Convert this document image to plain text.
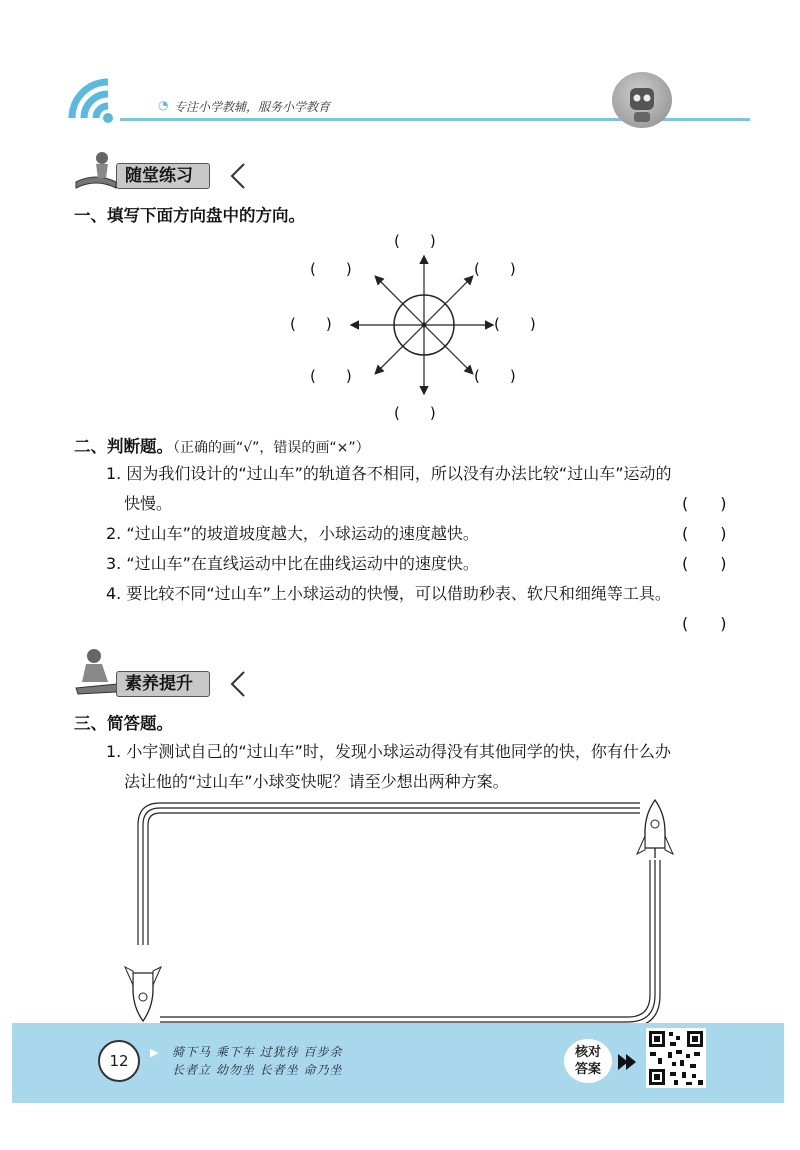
◔ 专注小学教辅，服务小学教育
随堂练习
一、填写下面方向盘中的方向。
(　　)
(　　)	(　　)
(　　)	(　　)
(　　)	(　　)
(　　)
二、判断题。（正确的画“√”，错误的画“×”）
1. 因为我们设计的“过山车”的轨道各不相同，所以没有办法比较“过山车”运动的
快慢。	(　　)
2. “过山车”的坡道坡度越大，小球运动的速度越快。	(　　)
3. “过山车”在直线运动中比在曲线运动中的速度快。	(　　)
4. 要比较不同“过山车”上小球运动的快慢，可以借助秒表、软尺和细绳等工具。
(　　)
素养提升
三、简答题。
1. 小宇测试自己的“过山车”时，发现小球运动得没有其他同学的快，你有什么办
法让他的“过山车”小球变快呢？请至少想出两种方案。
12	▶ 骑下马 乘下车 过犹待 百步余
长者立 幼勿坐 长者坐 命乃坐
核对
答案
